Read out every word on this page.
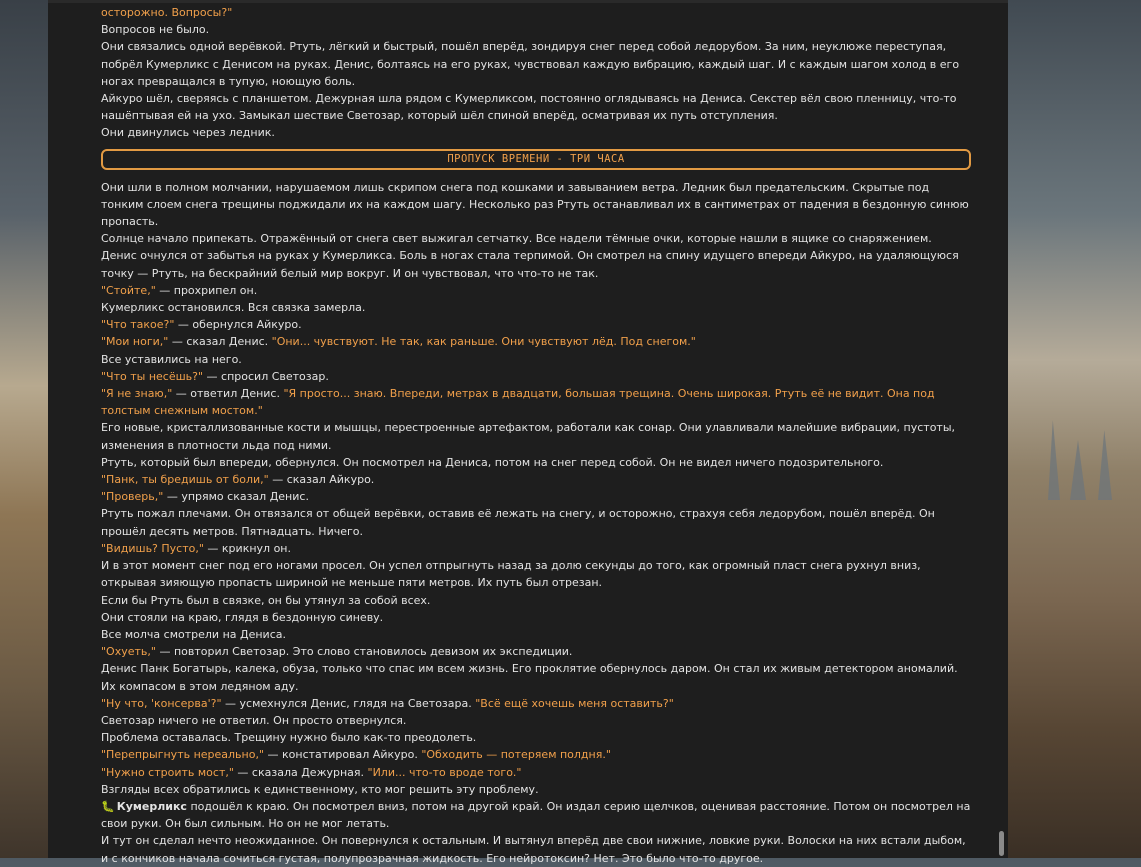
осторожно. Вопросы?"

Вопросов не было.

Они связались одной верёвкой. Ртуть, лёгкий и быстрый, пошёл вперёд, зондируя снег перед собой ледорубом. За ним, неуклюже переступая, побрёл Кумерликс с Денисом на руках. Денис, болтаясь на его руках, чувствовал каждую вибрацию, каждый шаг. И с каждым шагом холод в его ногах превращался в тупую, ноющую боль.

Айкуро шёл, сверяясь с планшетом. Дежурная шла рядом с Кумерликсом, постоянно оглядываясь на Дениса. Секстер вёл свою пленницу, что-то нашёптывая ей на ухо. Замыкал шествие Светозар, который шёл спиной вперёд, осматривая их путь отступления.

Они двинулись через ледник.

ПРОПУСК ВРЕМЕНИ - ТРИ ЧАСА

Они шли в полном молчании, нарушаемом лишь скрипом снега под кошками и завыванием ветра. Ледник был предательским. Скрытые под тонким слоем снега трещины поджидали их на каждом шагу. Несколько раз Ртуть останавливал их в сантиметрах от падения в бездонную синюю пропасть.

Солнце начало припекать. Отражённый от снега свет выжигал сетчатку. Все надели тёмные очки, которые нашли в ящике со снаряжением.

Денис очнулся от забытья на руках у Кумерликса. Боль в ногах стала терпимой. Он смотрел на спину идущего впереди Айкуро, на удаляющуюся точку — Ртуть, на бескрайний белый мир вокруг. И он чувствовал, что что-то не так.

"Стойте," — прохрипел он.

Кумерликс остановился. Вся связка замерла.

"Что такое?" — обернулся Айкуро.

"Мои ноги," — сказал Денис. "Они... чувствуют. Не так, как раньше. Они чувствуют лёд. Под снегом."

Все уставились на него.

"Что ты несёшь?" — спросил Светозар.

"Я не знаю," — ответил Денис. "Я просто... знаю. Впереди, метрах в двадцати, большая трещина. Очень широкая. Ртуть её не видит. Она под толстым снежным мостом."

Его новые, кристаллизованные кости и мышцы, перестроенные артефактом, работали как сонар. Они улавливали малейшие вибрации, пустоты, изменения в плотности льда под ними.

Ртуть, который был впереди, обернулся. Он посмотрел на Дениса, потом на снег перед собой. Он не видел ничего подозрительного.

"Панк, ты бредишь от боли," — сказал Айкуро.

"Проверь," — упрямо сказал Денис.

Ртуть пожал плечами. Он отвязался от общей верёвки, оставив её лежать на снегу, и осторожно, страхуя себя ледорубом, пошёл вперёд. Он прошёл десять метров. Пятнадцать. Ничего.

"Видишь? Пусто," — крикнул он.

И в этот момент снег под его ногами просел. Он успел отпрыгнуть назад за долю секунды до того, как огромный пласт снега рухнул вниз, открывая зияющую пропасть шириной не меньше пяти метров. Их путь был отрезан.

Если бы Ртуть был в связке, он бы утянул за собой всех.

Они стояли на краю, глядя в бездонную синеву.

Все молча смотрели на Дениса.

"Охуеть," — повторил Светозар. Это слово становилось девизом их экспедиции.

Денис Панк Богатырь, калека, обуза, только что спас им всем жизнь. Его проклятие обернулось даром. Он стал их живым детектором аномалий. Их компасом в этом ледяном аду.

"Ну что, 'консерва'?" — усмехнулся Денис, глядя на Светозара. "Всё ещё хочешь меня оставить?"

Светозар ничего не ответил. Он просто отвернулся.

Проблема оставалась. Трещину нужно было как-то преодолеть.

"Перепрыгнуть нереально," — констатировал Айкуро. "Обходить — потеряем полдня."

"Нужно строить мост," — сказала Дежурная. "Или... что-то вроде того."

Взгляды всех обратились к единственному, кто мог решить эту проблему.

🐛 Кумерликс подошёл к краю. Он посмотрел вниз, потом на другой край. Он издал серию щелчков, оценивая расстояние. Потом он посмотрел на свои руки. Он был сильным. Но он не мог летать.

И тут он сделал нечто неожиданное. Он повернулся к остальным. И вытянул вперёд две свои нижние, ловкие руки. Волоски на них встали дыбом, и с кончиков начала сочиться густая, полупрозрачная жидкость. Его нейротоксин? Нет. Это было что-то другое.
